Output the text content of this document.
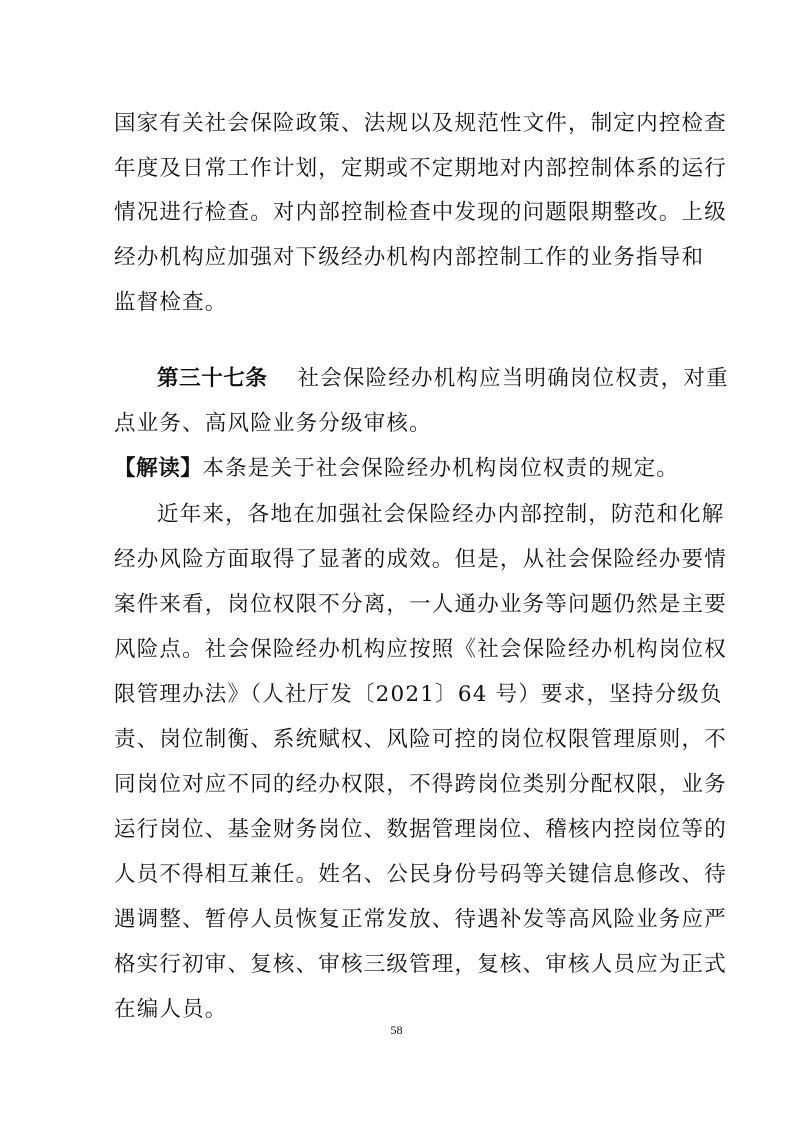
国家有关社会保险政策、法规以及规范性文件，制定内控检查
年度及日常工作计划，定期或不定期地对内部控制体系的运行
情况进行检查。对内部控制检查中发现的问题限期整改。上级
经办机构应加强对下级经办机构内部控制工作的业务指导和
监督检查。
第三十七条 社会保险经办机构应当明确岗位权责，对重
点业务、高风险业务分级审核。
【解读】本条是关于社会保险经办机构岗位权责的规定。
近年来，各地在加强社会保险经办内部控制，防范和化解
经办风险方面取得了显著的成效。但是，从社会保险经办要情
案件来看，岗位权限不分离，一人通办业务等问题仍然是主要
风险点。社会保险经办机构应按照《社会保险经办机构岗位权
限管理办法》（人社厅发〔2021〕64 号）要求，坚持分级负
责、岗位制衡、系统赋权、风险可控的岗位权限管理原则，不
同岗位对应不同的经办权限，不得跨岗位类别分配权限，业务
运行岗位、基金财务岗位、数据管理岗位、稽核内控岗位等的
人员不得相互兼任。姓名、公民身份号码等关键信息修改、待
遇调整、暂停人员恢复正常发放、待遇补发等高风险业务应严
格实行初审、复核、审核三级管理，复核、审核人员应为正式
在编人员。
58
